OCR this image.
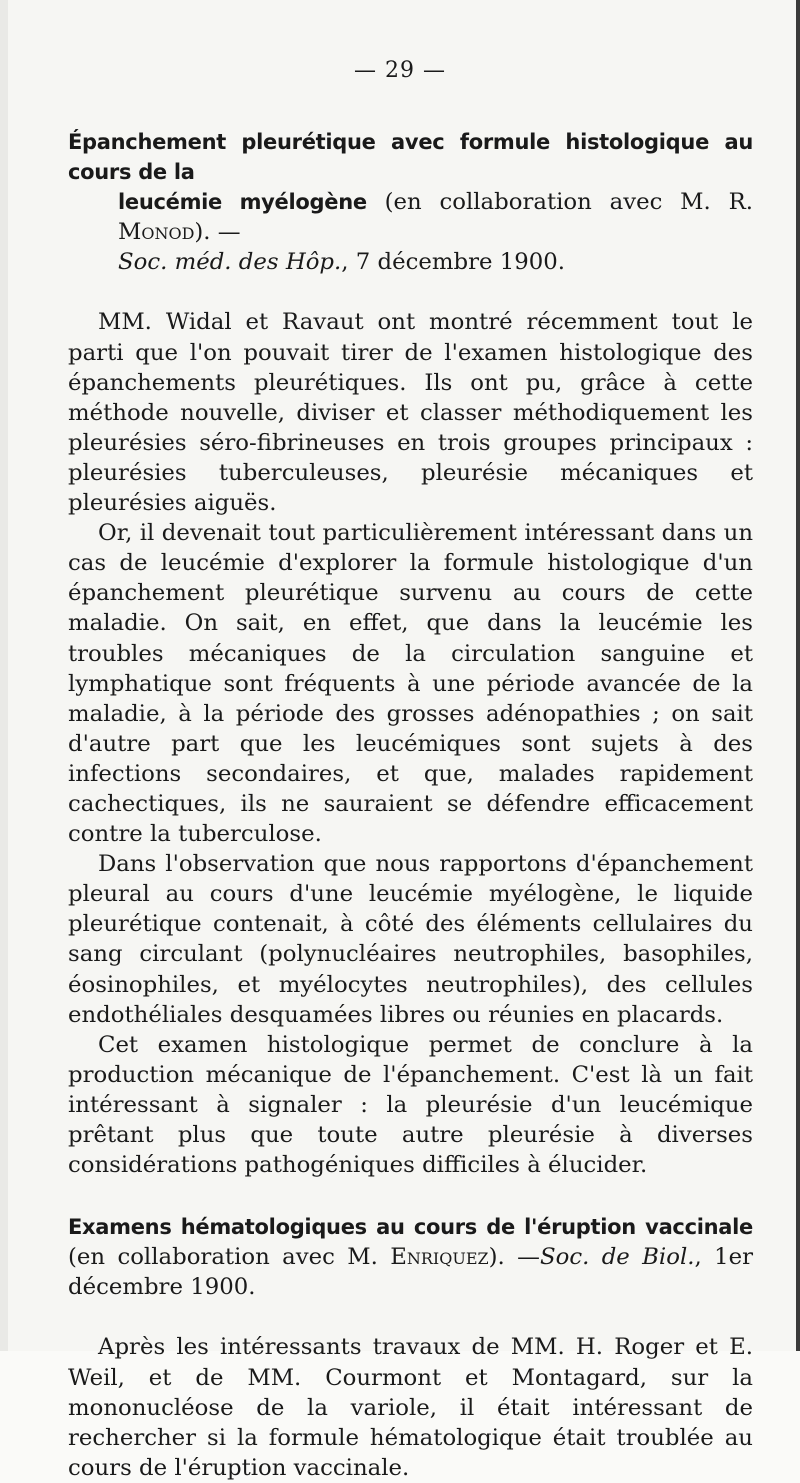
— 29 —
Épanchement pleurétique avec formule histologique au cours de la
leucémie myélogène (en collaboration avec M. R. Monod). —
Soc. méd. des Hôp., 7 décembre 1900.

MM. Widal et Ravaut ont montré récemment tout le parti que l'on pouvait tirer de l'examen histologique des épanchements pleurétiques. Ils ont pu, grâce à cette méthode nouvelle, diviser et classer méthodiquement les pleurésies séro-fibrineuses en trois groupes principaux : pleurésies tuberculeuses, pleurésie mécaniques et pleurésies aiguës.

Or, il devenait tout particulièrement intéressant dans un cas de leucémie d'explorer la formule histologique d'un épanchement pleurétique survenu au cours de cette maladie. On sait, en effet, que dans la leucémie les troubles mécaniques de la circulation sanguine et lymphatique sont fréquents à une période avancée de la maladie, à la période des grosses adénopathies ; on sait d'autre part que les leucémiques sont sujets à des infections secondaires, et que, malades rapidement cachectiques, ils ne sauraient se défendre efficacement contre la tuberculose.

Dans l'observation que nous rapportons d'épanchement pleural au cours d'une leucémie myélogène, le liquide pleurétique contenait, à côté des éléments cellulaires du sang circulant (polynucléaires neutrophiles, basophiles, éosinophiles, et myélocytes neutrophiles), des cellules endothéliales desquamées libres ou réunies en placards.

Cet examen histologique permet de conclure à la production mécanique de l'épanchement. C'est là un fait intéressant à signaler : la pleurésie d'un leucémique prêtant plus que toute autre pleurésie à diverses considérations pathogéniques difficiles à élucider.

Examens hématologiques au cours de l'éruption vaccinale (en collaboration avec M. Enriquez). —Soc. de Biol., 1er décembre 1900.

Après les intéressants travaux de MM. H. Roger et E. Weil, et de MM. Courmont et Montagard, sur la mononucléose de la variole, il était intéressant de rechercher si la formule hématologique était troublée au cours de l'éruption vaccinale.
